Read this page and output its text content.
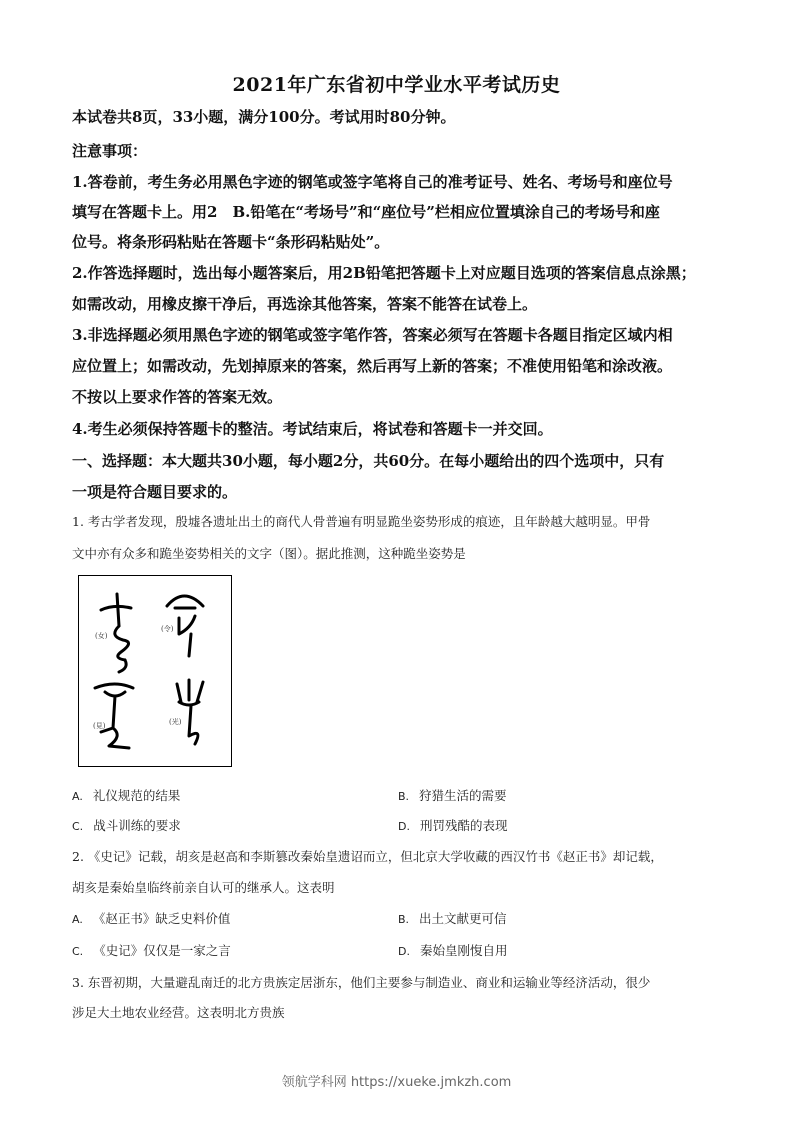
2021年广东省初中学业水平考试历史
本试卷共8页，33小题，满分100分。考试用时80分钟。
注意事项：
1.答卷前，考生务必用黑色字迹的钢笔或签字笔将自己的准考证号、姓名、考场号和座位号
填写在答题卡上。用2　B.铅笔在“考场号”和“座位号”栏相应位置填涂自己的考场号和座
位号。将条形码粘贴在答题卡“条形码粘贴处”。
2.作答选择题时，选出每小题答案后，用2B铅笔把答题卡上对应题目选项的答案信息点涂黑；
如需改动，用橡皮擦干净后，再选涂其他答案，答案不能答在试卷上。
3.非选择题必须用黑色字迹的钢笔或签字笔作答，答案必须写在答题卡各题目指定区域内相
应位置上；如需改动，先划掉原来的答案，然后再写上新的答案；不准使用铅笔和涂改液。
不按以上要求作答的答案无效。
4.考生必须保持答题卡的整洁。考试结束后，将试卷和答题卡一并交回。
一、选择题：本大题共30小题，每小题2分，共60分。在每小题给出的四个选项中，只有
一项是符合题目要求的。
1. 考古学者发现，殷墟各遗址出土的商代人骨普遍有明显跪坐姿势形成的痕迹，且年龄越大越明显。甲骨
文中亦有众多和跪坐姿势相关的文字（图）。据此推测，这种跪坐姿势是
(女)
(令)
(見)	(光)
A. 礼仪规范的结果	B. 狩猎生活的需要
C. 战斗训练的要求	D. 刑罚残酷的表现
2. 《史记》记载，胡亥是赵高和李斯篡改秦始皇遗诏而立，但北京大学收藏的西汉竹书《赵正书》却记载，
胡亥是秦始皇临终前亲自认可的继承人。这表明
A. 《赵正书》缺乏史料价值	B. 出土文献更可信
C. 《史记》仅仅是一家之言	D. 秦始皇刚愎自用
3. 东晋初期，大量避乱南迁的北方贵族定居浙东，他们主要参与制造业、商业和运输业等经济活动，很少
涉足大土地农业经营。这表明北方贵族
领航学科网 https://xueke.jmkzh.com
